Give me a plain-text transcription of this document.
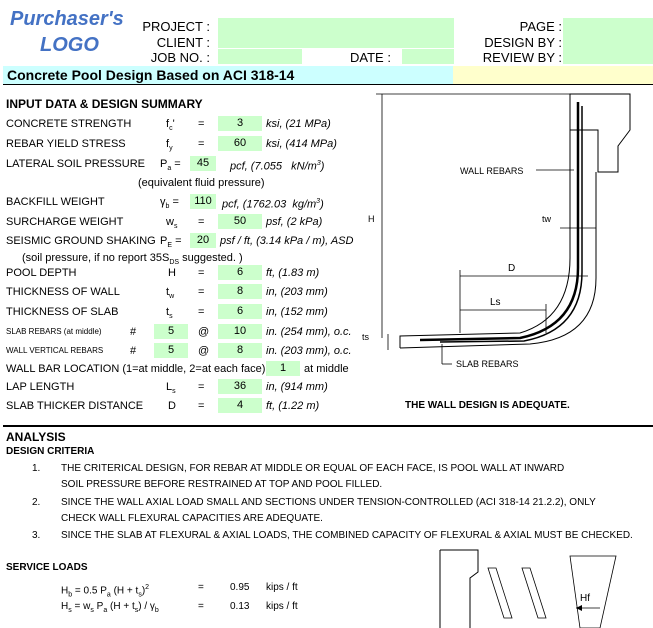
Purchaser's
LOGO
PROJECT :
CLIENT :
JOB NO. :	DATE :
PAGE :
DESIGN BY :
REVIEW BY :
Concrete Pool Design Based on ACI 318-14
INPUT DATA & DESIGN SUMMARY
CONCRETE STRENGTH	$f_c'$ =	3	ksi, (21 MPa)
REBAR YIELD STRESS	$f_y$ =	60	ksi, (414 MPa)
LATERAL SOIL PRESSURE $P_a$ =	45	pcf, (7.055   $kN/m^3$)
(equivalent fluid pressure)
BACKFILL WEIGHT	$\gamma_b$ =	110 pcf, (1762.03  $kg/m^3$)
SURCHARGE WEIGHT	$w_s$ =	50	psf, (2 kPa)
SEISMIC GROUND SHAKING $P_E$ =	20 psf / ft, (3.14 kPa / m), ASD
(soil pressure, if no report $35S_{DS}$ suggested. )
POOL DEPTH	H =	6	ft, (1.83 m)
THICKNESS OF WALL	$t_w$ =	8	in, (203 mm)
THICKNESS OF SLAB	$t_s$ =	6	in, (152 mm)
SLAB REBARS (at middle)	#	5	@	10	in. (254 mm), o.c.
WALL VERTICAL REBARS #	5	@	8	in. (203 mm), o.c.
WALL BAR LOCATION (1=at middle, 2=at each face)	1	at middle
LAP LENGTH	$L_s$ =	36	in, (914 mm)
SLAB THICKER DISTANCE D =	4	ft, (1.22 m)
WALL REBARS
SLAB REBARS
H	tw
D
Ls
ts
THE WALL DESIGN IS ADEQUATE.
ANALYSIS
DESIGN CRITERIA
1. THE CRITERICAL DESIGN, FOR REBAR AT MIDDLE OR EQUAL OF EACH FACE, IS POOL WALL AT INWARD
SOIL PRESSURE BEFORE RESTRAINED AT TOP AND POOL FILLED.
2. SINCE THE WALL AXIAL LOAD SMALL AND SECTIONS UNDER TENSION-CONTROLLED (ACI 318-14 21.2.2), ONLY
CHECK WALL FLEXURAL CAPACITIES ARE ADEQUATE.
3. SINCE THE SLAB AT FLEXURAL & AXIAL LOADS, THE COMBINED CAPACITY OF FLEXURAL & AXIAL MUST BE CHECKED.
SERVICE LOADS
$H_b = 0.5$ $P_a$ $(H + t_s)^2$	=	0.95 kips / ft
$H_s = w_s$ $P_a$ $(H + t_s) / \gamma_b$	=	0.13 kips / ft
Hf
